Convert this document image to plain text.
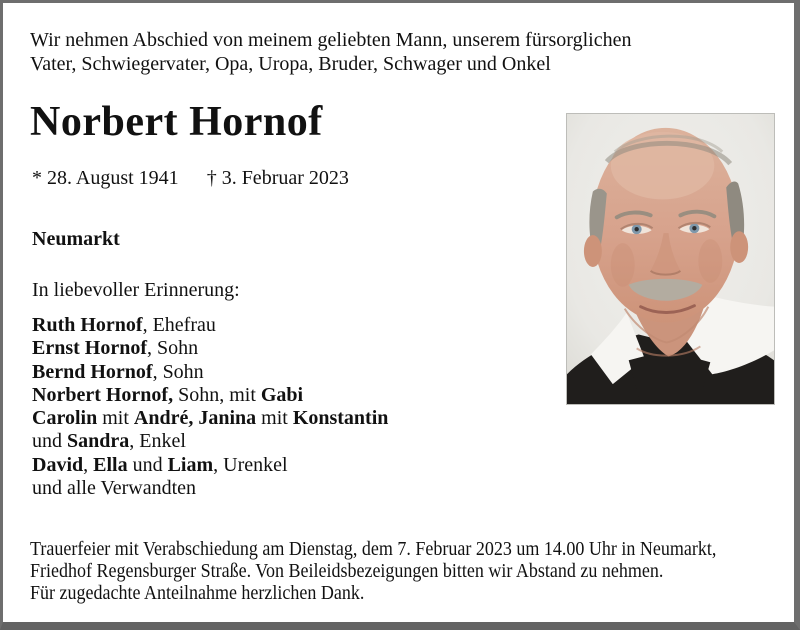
Wir nehmen Abschied von meinem geliebten Mann, unserem fürsorglichen
Vater, Schwiegervater, Opa, Uropa, Bruder, Schwager und Onkel
Norbert Hornof
* 28. August 1941 † 3. Februar 2023
Neumarkt
In liebevoller Erinnerung:
Ruth Hornof, Ehefrau
Ernst Hornof, Sohn
Bernd Hornof, Sohn
Norbert Hornof, Sohn, mit Gabi
Carolin mit André, Janina mit Konstantin
und Sandra, Enkel
David, Ella und Liam, Urenkel
und alle Verwandten
Trauerfeier mit Verabschiedung am Dienstag, dem 7. Februar 2023 um 14.00 Uhr in Neumarkt,
Friedhof Regensburger Straße. Von Beileidsbezeigungen bitten wir Abstand zu nehmen.
Für zugedachte Anteilnahme herzlichen Dank.
